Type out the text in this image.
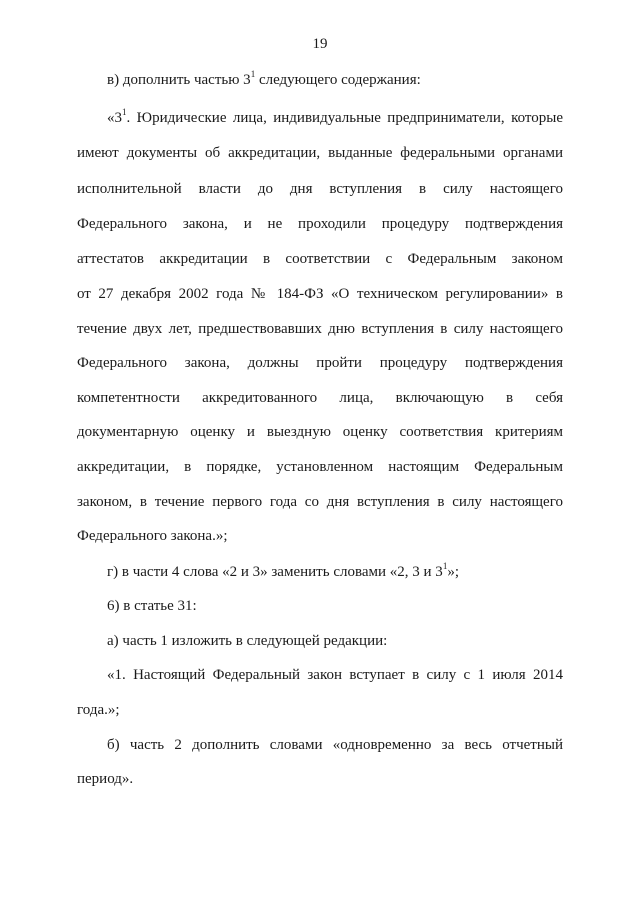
19
в) дополнить частью $3^1$ следующего содержания:
«$3^1$. Юридические лица, индивидуальные предприниматели, которые
имеют документы об аккредитации, выданные федеральными органами
исполнительной власти до дня вступления в силу настоящего
Федерального закона, и не проходили процедуру подтверждения
аттестатов аккредитации в соответствии с Федеральным законом
от 27 декабря 2002 года № 184-ФЗ «О техническом регулировании» в
течение двух лет, предшествовавших дню вступления в силу настоящего
Федерального закона, должны пройти процедуру подтверждения
компетентности аккредитованного лица, включающую в себя
документарную оценку и выездную оценку соответствия критериям
аккредитации, в порядке, установленном настоящим Федеральным
законом, в течение первого года со дня вступления в силу настоящего
Федерального закона.»;
г) в части 4 слова «2 и 3» заменить словами «2, 3 и $3^1$»;
6) в статье 31:
а) часть 1 изложить в следующей редакции:
«1. Настоящий Федеральный закон вступает в силу с 1 июля 2014
года.»;
б) часть 2 дополнить словами «одновременно за весь отчетный
период».
